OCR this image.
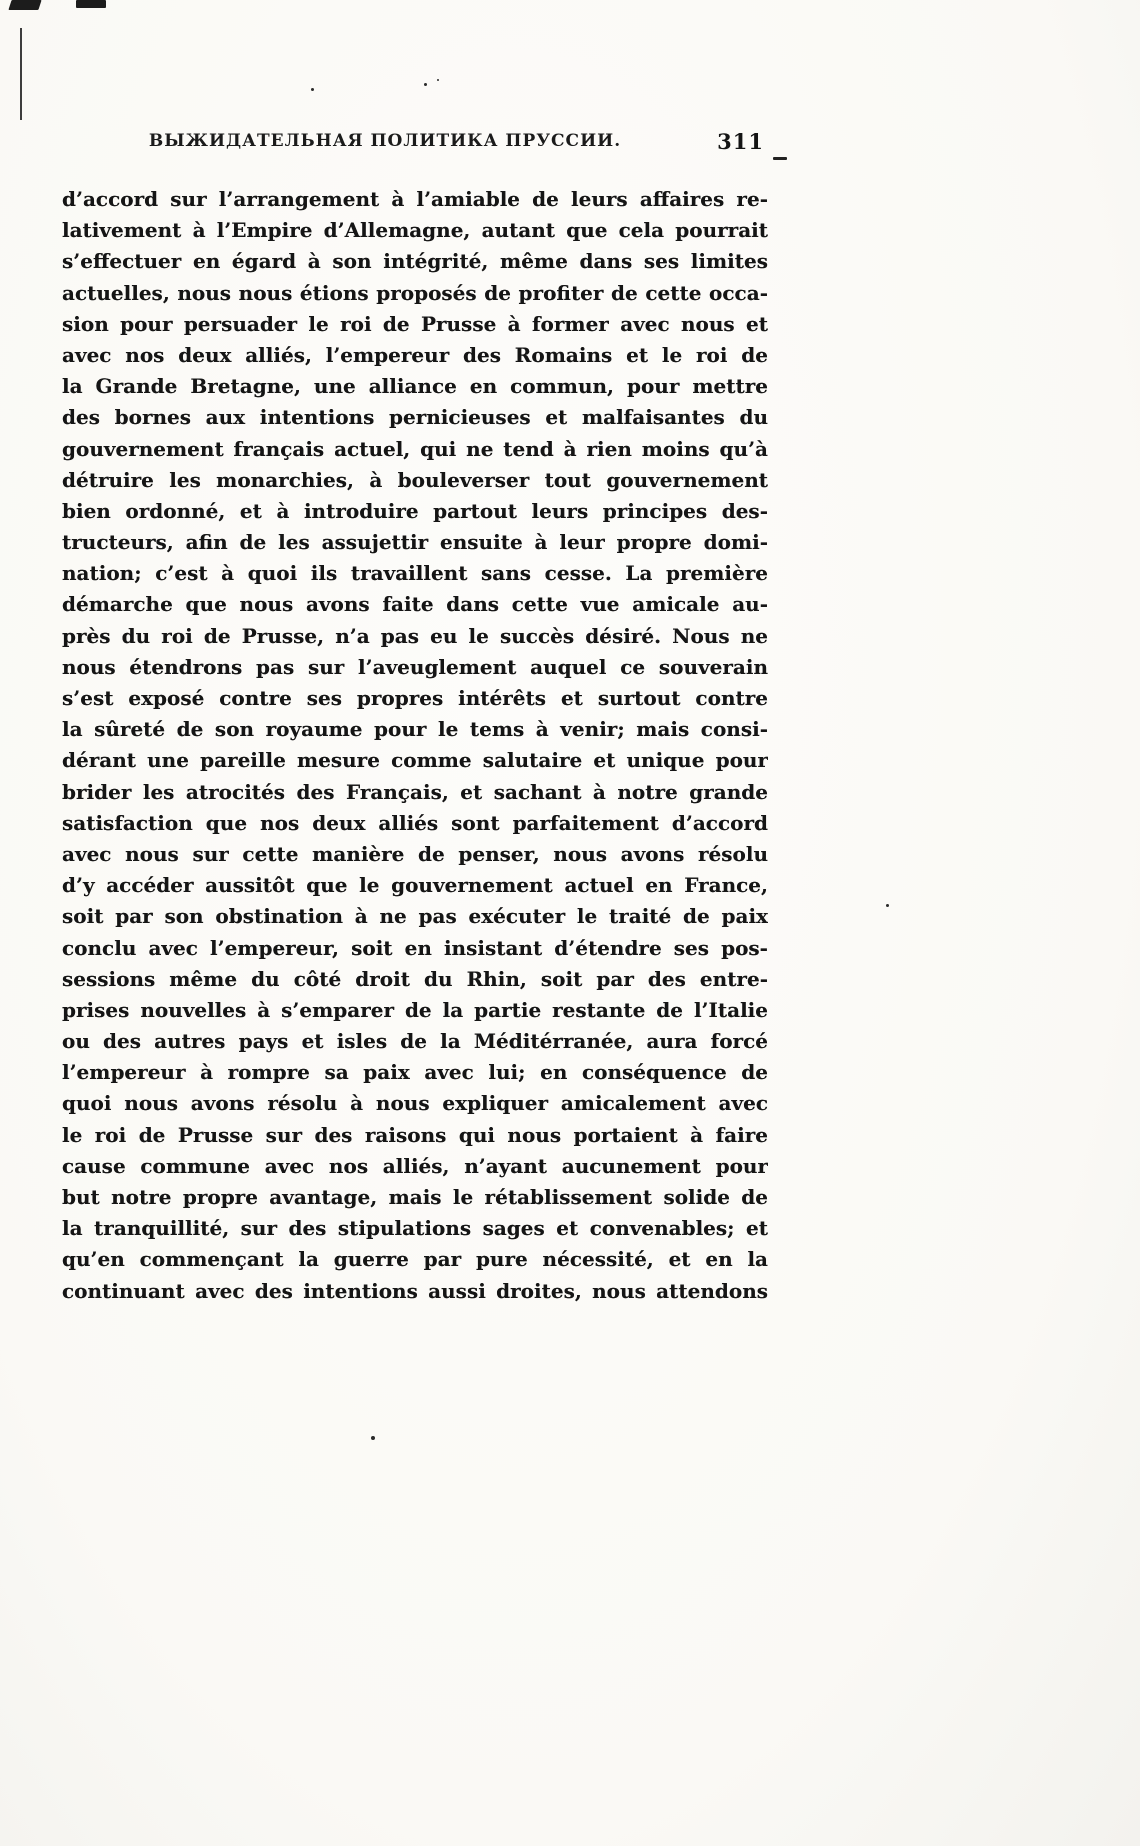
ВЫЖИДАТЕЛЬНАЯ ПОЛИТИКА ПРУССИИ.	311
d’accord sur l’arrangement à l’amiable de leurs affaires re-
lativement à l’Empire d’Allemagne, autant que cela pourrait
s’effectuer en égard à son intégrité, même dans ses limites
actuelles, nous nous étions proposés de profiter de cette occa-
sion pour persuader le roi de Prusse à former avec nous et
avec nos deux alliés, l’empereur des Romains et le roi de
la Grande Bretagne, une alliance en commun, pour mettre
des bornes aux intentions pernicieuses et malfaisantes du
gouvernement français actuel, qui ne tend à rien moins qu’à
détruire les monarchies, à bouleverser tout gouvernement
bien ordonné, et à introduire partout leurs principes des-
tructeurs, afin de les assujettir ensuite à leur propre domi-
nation; c’est à quoi ils travaillent sans cesse. La première
démarche que nous avons faite dans cette vue amicale au-
près du roi de Prusse, n’a pas eu le succès désiré. Nous ne
nous étendrons pas sur l’aveuglement auquel ce souverain
s’est exposé contre ses propres intérêts et surtout contre
la sûreté de son royaume pour le tems à venir; mais consi-
dérant une pareille mesure comme salutaire et unique pour
brider les atrocités des Français, et sachant à notre grande
satisfaction que nos deux alliés sont parfaitement d’accord
avec nous sur cette manière de penser, nous avons résolu
d’y accéder aussitôt que le gouvernement actuel en France,
soit par son obstination à ne pas exécuter le traité de paix
conclu avec l’empereur, soit en insistant d’étendre ses pos-
sessions même du côté droit du Rhin, soit par des entre-
prises nouvelles à s’emparer de la partie restante de l’Italie
ou des autres pays et isles de la Méditérranée, aura forcé
l’empereur à rompre sa paix avec lui; en conséquence de
quoi nous avons résolu à nous expliquer amicalement avec
le roi de Prusse sur des raisons qui nous portaient à faire
cause commune avec nos alliés, n’ayant aucunement pour
but notre propre avantage, mais le rétablissement solide de
la tranquillité, sur des stipulations sages et convenables; et
qu’en commençant la guerre par pure nécessité, et en la
continuant avec des intentions aussi droites, nous attendons
